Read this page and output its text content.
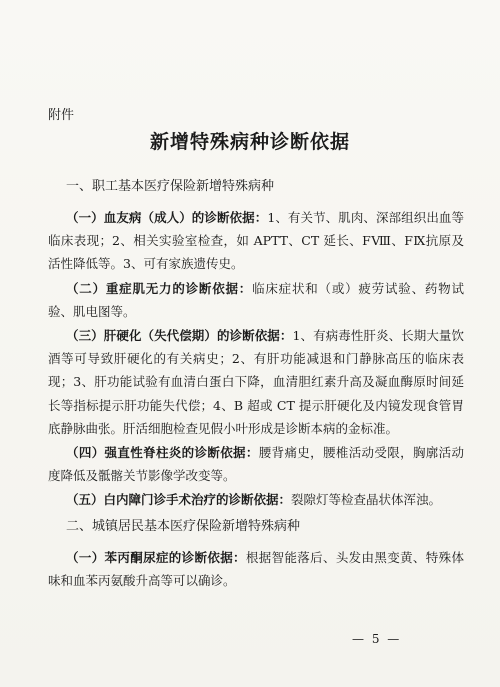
附件
新增特殊病种诊断依据
一、职工基本医疗保险新增特殊病种

（一）血友病（成人）的诊断依据：1、有关节、肌肉、深部组织出血等临床表现；2、相关实验室检查，如 APTT、CT 延长、FⅧ、FⅨ抗原及活性降低等。3、可有家族遗传史。

（二）重症肌无力的诊断依据：临床症状和（或）疲劳试验、药物试验、肌电图等。

（三）肝硬化（失代偿期）的诊断依据：1、有病毒性肝炎、长期大量饮酒等可导致肝硬化的有关病史；2、有肝功能减退和门静脉高压的临床表现；3、肝功能试验有血清白蛋白下降，血清胆红素升高及凝血酶原时间延长等指标提示肝功能失代偿；4、B 超或 CT 提示肝硬化及内镜发现食管胃底静脉曲张。肝活细胞检查见假小叶形成是诊断本病的金标准。

（四）强直性脊柱炎的诊断依据：腰背痛史，腰椎活动受限，胸廓活动度降低及骶髂关节影像学改变等。

（五）白内障门诊手术治疗的诊断依据：裂隙灯等检查晶状体浑浊。

二、城镇居民基本医疗保险新增特殊病种

（一）苯丙酮尿症的诊断依据：根据智能落后、头发由黑变黄、特殊体味和血苯丙氨酸升高等可以确诊。

— 5 —
